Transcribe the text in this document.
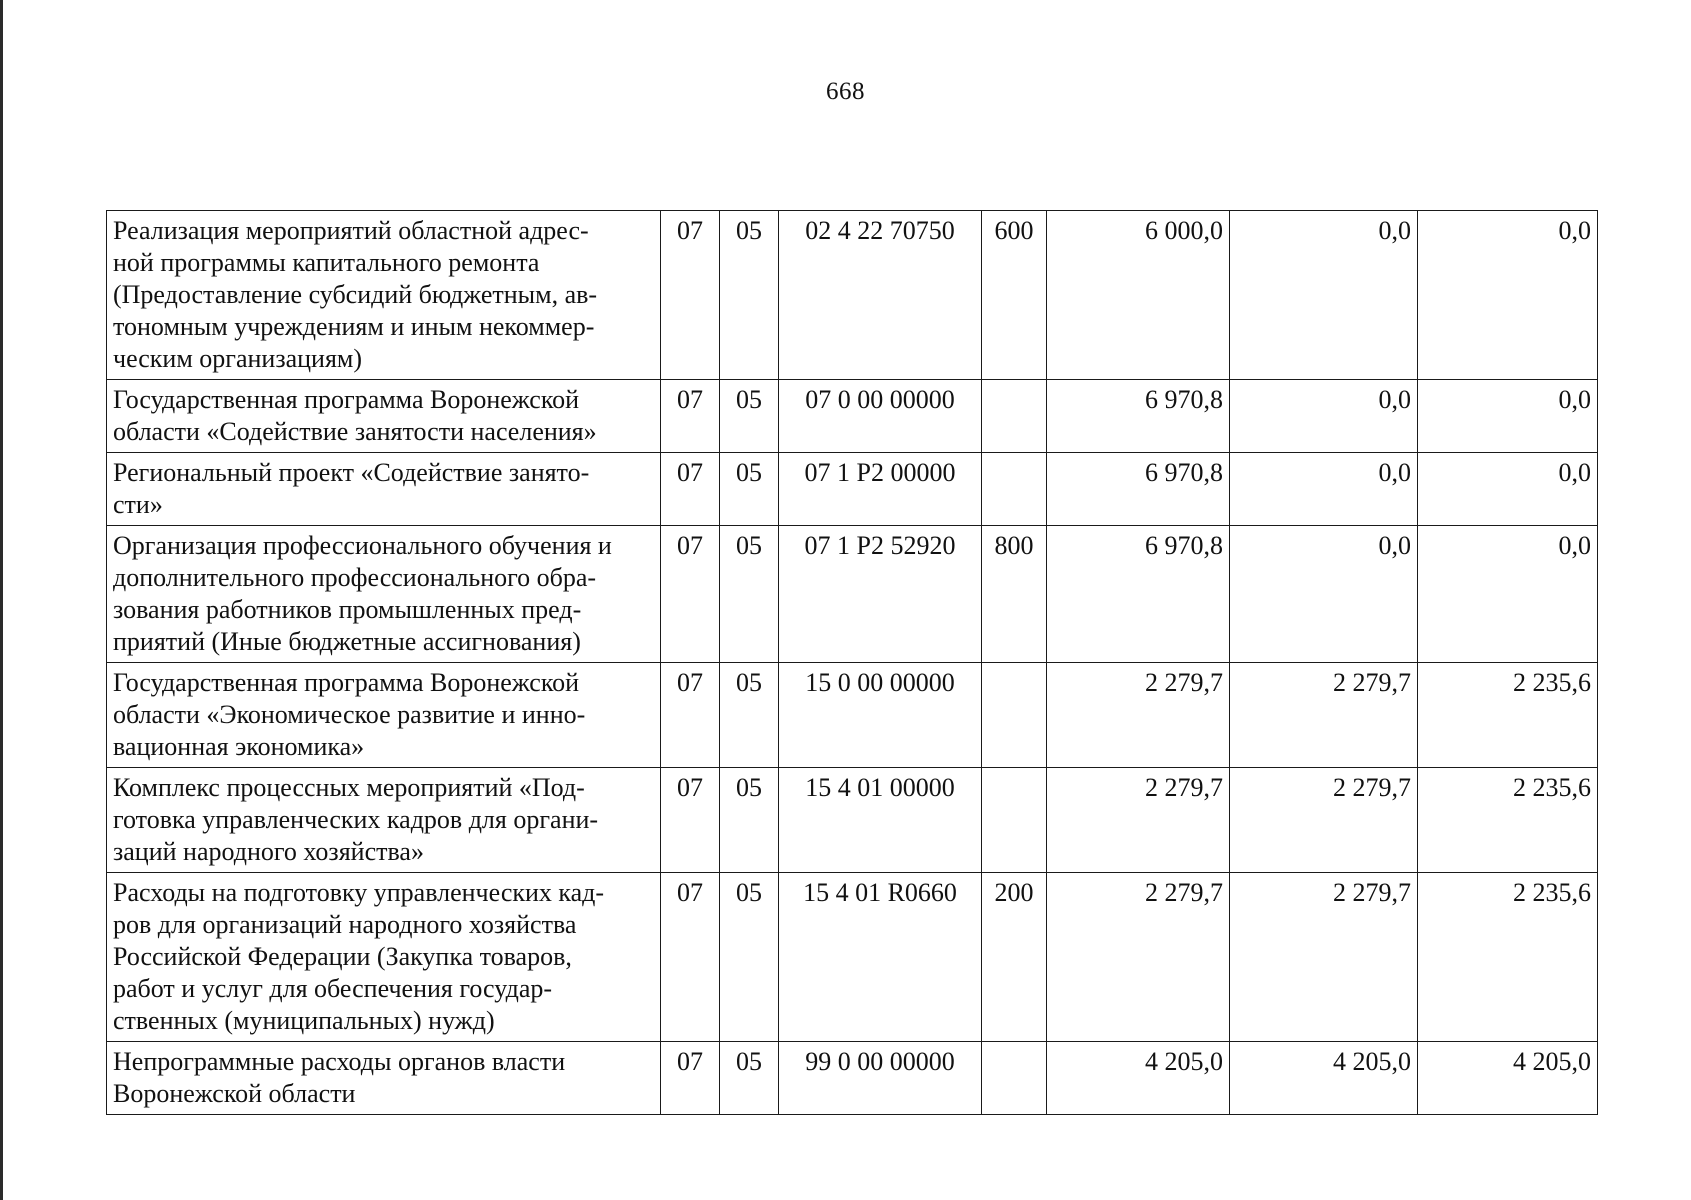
668
Реализация мероприятий областной адрес-
ной программы капитального ремонта
(Предоставление субсидий бюджетным, ав-
тономным учреждениям и иным некоммер-
ческим организациям)	07	05	02 4 22 70750	600	6 000,0	0,0	0,0

Государственная программа Воронежской
области «Содействие занятости населения»	07	05	07 0 00 00000		6 970,8	0,0	0,0

Региональный проект «Содействие занято-
сти»	07	05	07 1 P2 00000		6 970,8	0,0	0,0

Организация профессионального обучения и
дополнительного профессионального обра-
зования работников промышленных пред-
приятий (Иные бюджетные ассигнования)	07	05	07 1 P2 52920	800	6 970,8	0,0	0,0

Государственная программа Воронежской
области «Экономическое развитие и инно-
вационная экономика»	07	05	15 0 00 00000		2 279,7	2 279,7	2 235,6

Комплекс процессных мероприятий «Под-
готовка управленческих кадров для органи-
заций народного хозяйства»	07	05	15 4 01 00000		2 279,7	2 279,7	2 235,6

Расходы на подготовку управленческих кад-
ров для организаций народного хозяйства
Российской Федерации (Закупка товаров,
работ и услуг для обеспечения государ-
ственных (муниципальных) нужд)	07	05	15 4 01 R0660	200	2 279,7	2 279,7	2 235,6

Непрограммные расходы органов власти
Воронежской области	07	05	99 0 00 00000		4 205,0	4 205,0	4 205,0
